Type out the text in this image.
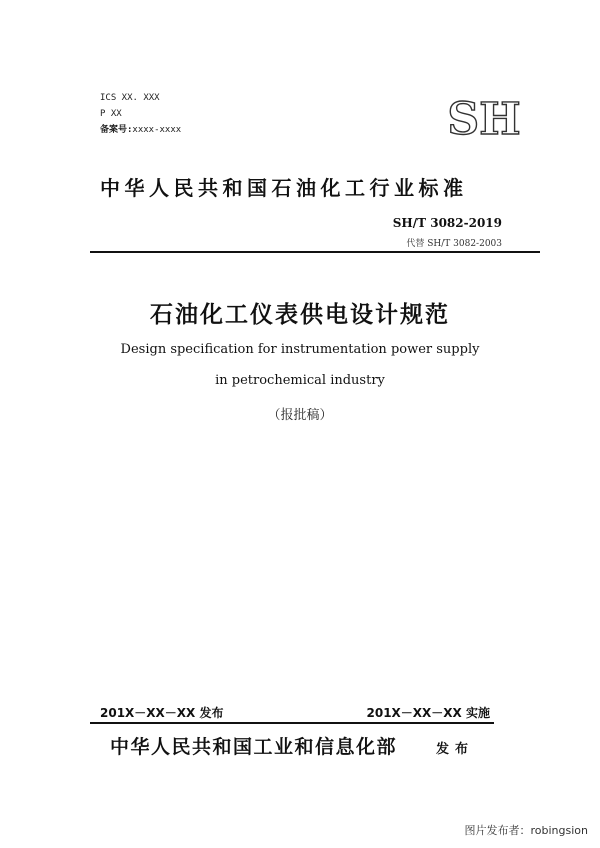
ICS XX. XXX
P XX
备案号:xxxx-xxxx	SH
中华人民共和国石油化工行业标准
SH/T 3082-2019
代替 SH/T 3082-2003
石油化工仪表供电设计规范
Design specification for instrumentation power supply
in petrochemical industry
（报批稿）
201X－XX－XX 发布	201X－XX－XX 实施
中华人民共和国工业和信息化部	发布
图片发布者：robingsion
